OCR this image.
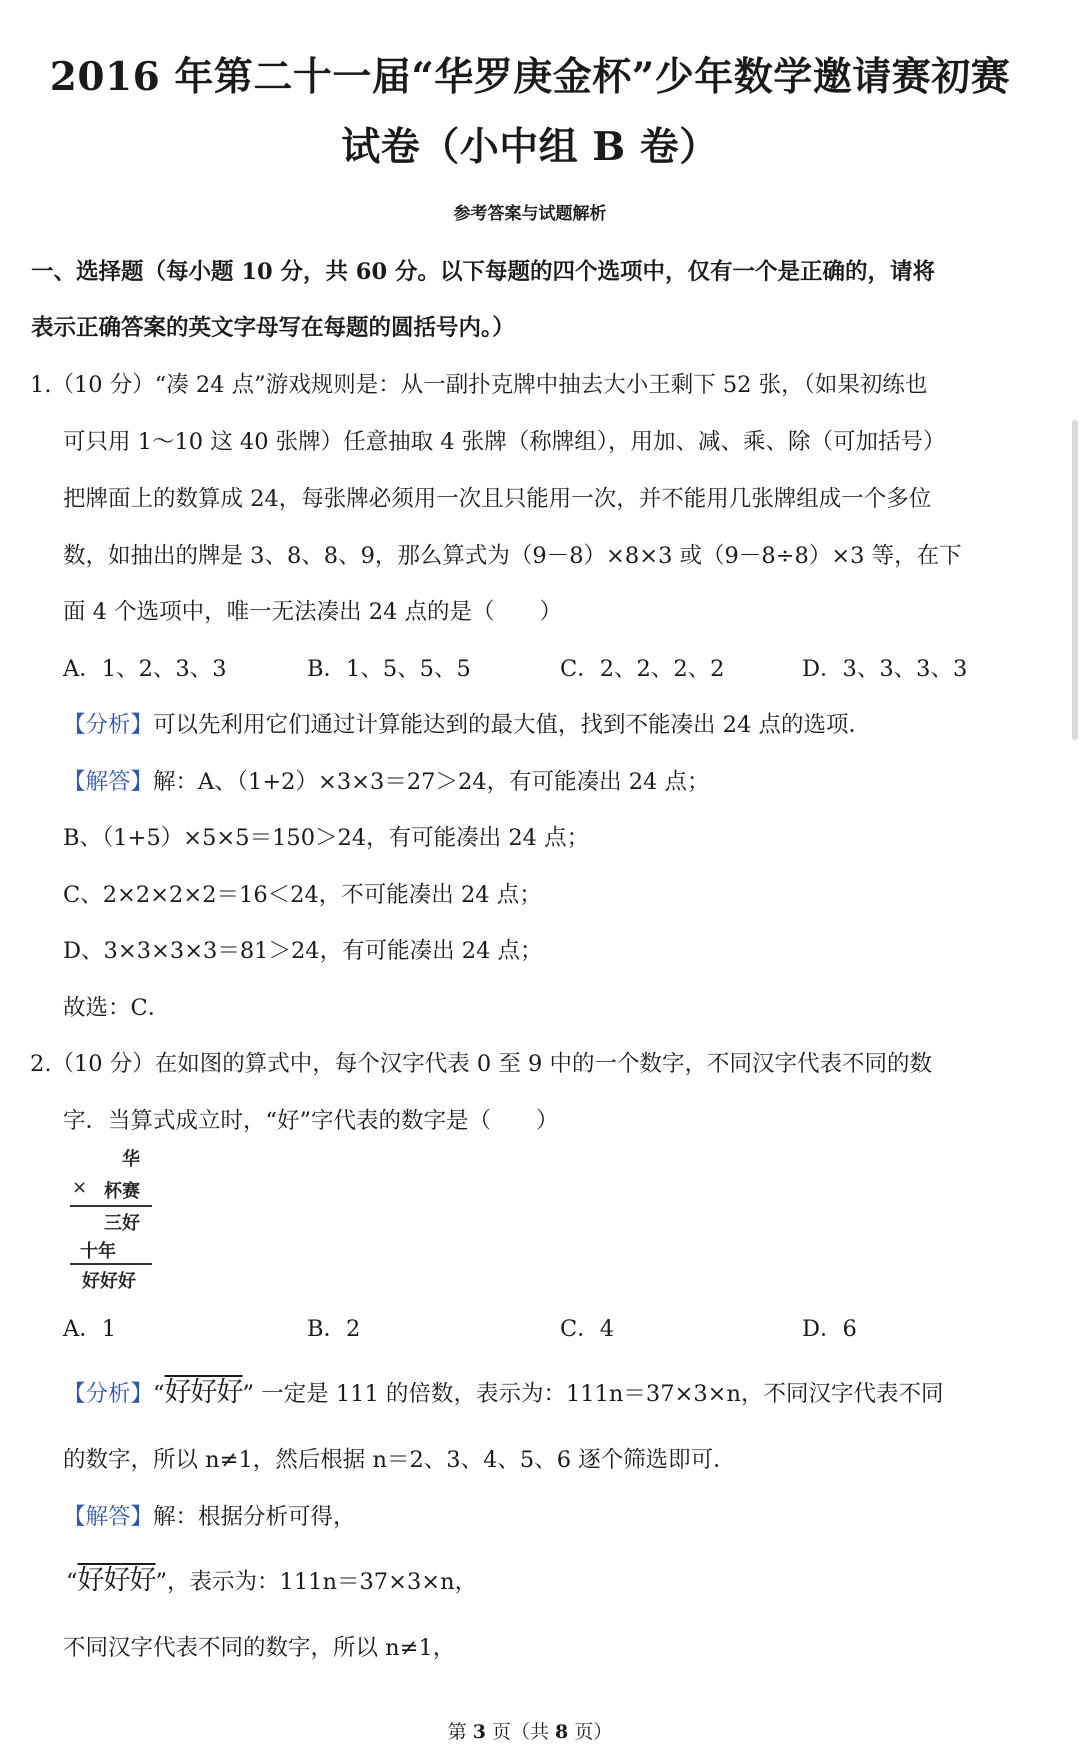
2016 年第二十一届“华罗庚金杯”少年数学邀请赛初赛
试卷（小中组 B 卷）
参考答案与试题解析
一、选择题（每小题 10 分，共 60 分。以下每题的四个选项中，仅有一个是正确的，请将
表示正确答案的英文字母写在每题的圆括号内。）
1.（10 分）“凑 24 点”游戏规则是：从一副扑克牌中抽去大小王剩下 52 张，（如果初练也
可只用 1～10 这 40 张牌）任意抽取 4 张牌（称牌组），用加、减、乘、除（可加括号）
把牌面上的数算成 24，每张牌必须用一次且只能用一次，并不能用几张牌组成一个多位
数，如抽出的牌是 3、8、8、9，那么算式为（9－8）×8×3 或（9－8÷8）×3 等，在下
面 4 个选项中，唯一无法凑出 24 点的是（　　）
A．1、2、3、3	B．1、5、5、5	C．2、2、2、2	D．3、3、3、3
【分析】可以先利用它们通过计算能达到的最大值，找到不能凑出 24 点的选项．
【解答】解：A、（1+2）×3×3＝27＞24，有可能凑出 24 点；
B、（1+5）×5×5＝150＞24，有可能凑出 24 点；
C、2×2×2×2＝16＜24，不可能凑出 24 点；
D、3×3×3×3＝81＞24，有可能凑出 24 点；
故选：C．
2.（10 分）在如图的算式中，每个汉字代表 0 至 9 中的一个数字，不同汉字代表不同的数
字．当算式成立时，“好”字代表的数字是（　　）
华
× 杯赛
三好
十年
好好好
A．1	B．2	C．4	D．6
【分析】“好好好” 一定是 111 的倍数，表示为：111n＝37×3×n，不同汉字代表不同
的数字，所以 n≠1，然后根据 n＝2、3、4、5、6 逐个筛选即可．
【解答】解：根据分析可得，
“好好好”，表示为：111n＝37×3×n，
不同汉字代表不同的数字，所以 n≠1，
第 3 页（共 8 页）
